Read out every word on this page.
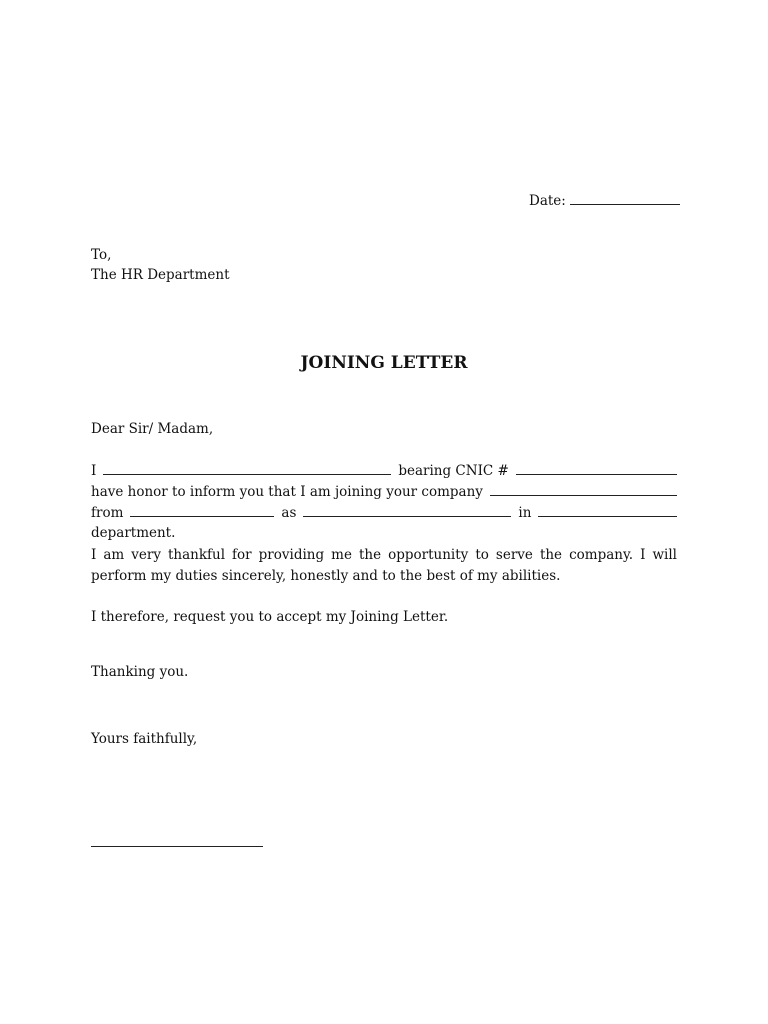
Date:
To,
The HR Department
JOINING LETTER
Dear Sir/ Madam,
I	bearing CNIC #
have honor to inform you that I am joining your company
from	as	in
department.
I am very thankful for providing me the opportunity to serve the company. I will perform my duties sincerely, honestly and to the best of my abilities.
I therefore, request you to accept my Joining Letter.
Thanking you.
Yours faithfully,
